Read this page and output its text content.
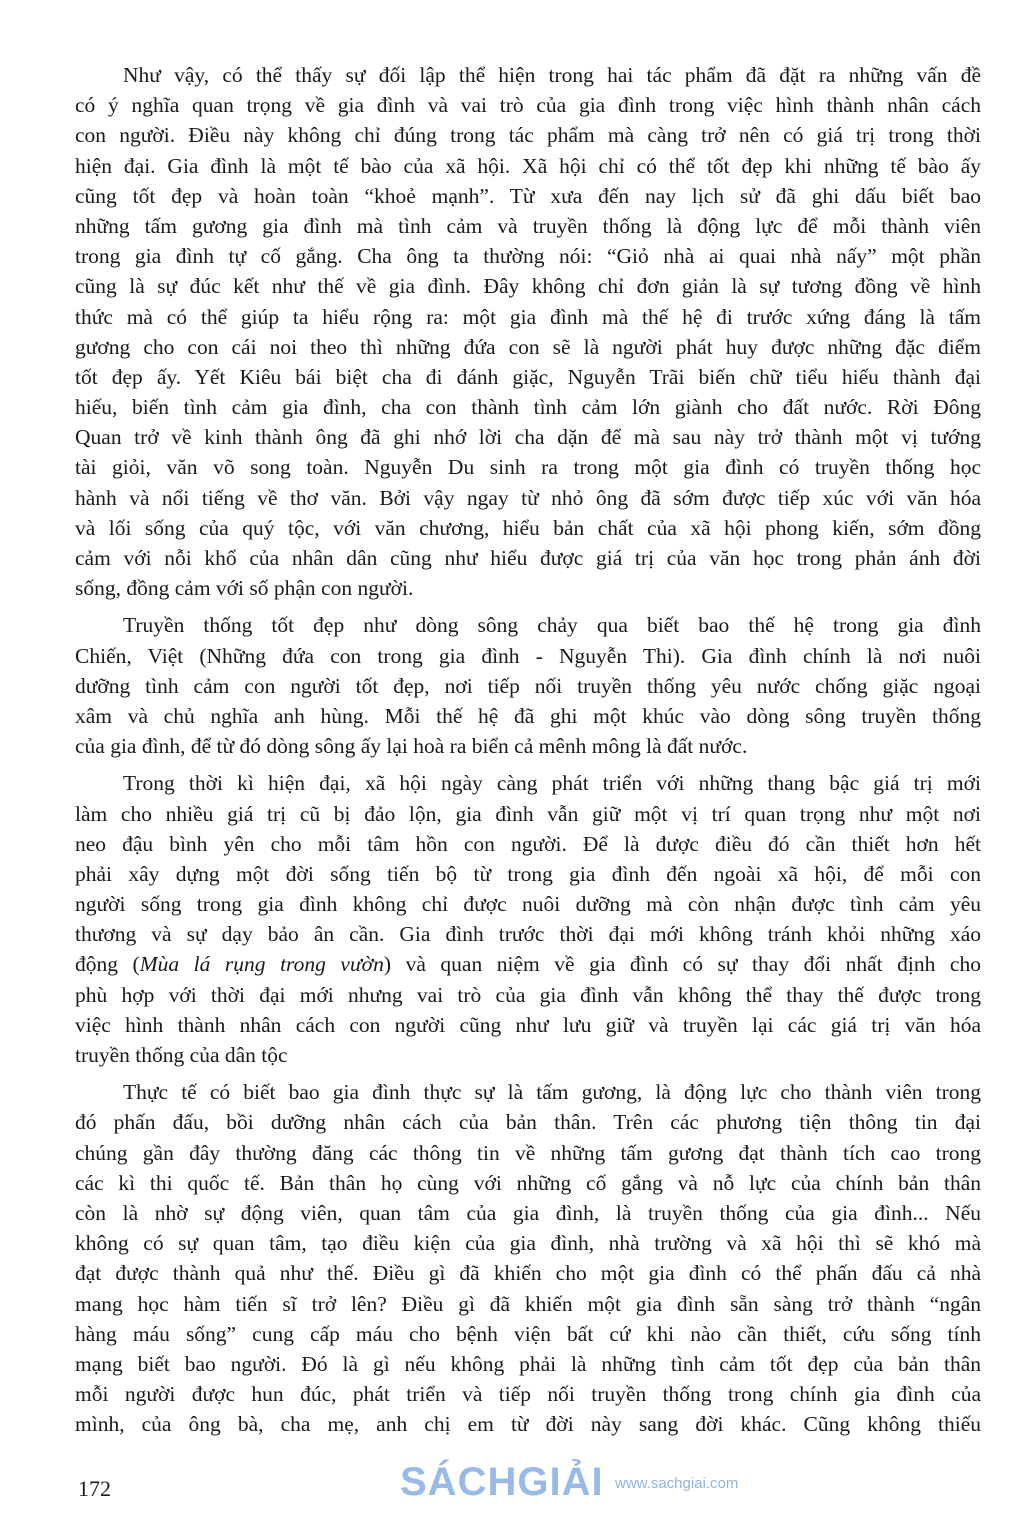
Như vậy, có thể thấy sự đối lập thể hiện trong hai tác phẩm đã đặt ra những vấn đề
có ý nghĩa quan trọng về gia đình và vai trò của gia đình trong việc hình thành nhân cách
con người. Điều này không chỉ đúng trong tác phẩm mà càng trở nên có giá trị trong thời
hiện đại. Gia đình là một tế bào của xã hội. Xã hội chỉ có thể tốt đẹp khi những tế bào ấy
cũng tốt đẹp và hoàn toàn “khoẻ mạnh”. Từ xưa đến nay lịch sử đã ghi dấu biết bao
những tấm gương gia đình mà tình cảm và truyền thống là động lực để mỗi thành viên
trong gia đình tự cố gắng. Cha ông ta thường nói: “Giỏ nhà ai quai nhà nấy” một phần
cũng là sự đúc kết như thế về gia đình. Đây không chỉ đơn giản là sự tương đồng về hình
thức mà có thể giúp ta hiểu rộng ra: một gia đình mà thế hệ đi trước xứng đáng là tấm
gương cho con cái noi theo thì những đứa con sẽ là người phát huy được những đặc điểm
tốt đẹp ấy. Yết Kiêu bái biệt cha đi đánh giặc, Nguyễn Trãi biến chữ tiểu hiếu thành đại
hiếu, biến tình cảm gia đình, cha con thành tình cảm lớn giành cho đất nước. Rời Đông
Quan trở về kinh thành ông đã ghi nhớ lời cha dặn để mà sau này trở thành một vị tướng
tài giỏi, văn võ song toàn. Nguyễn Du sinh ra trong một gia đình có truyền thống học
hành và nổi tiếng về thơ văn. Bởi vậy ngay từ nhỏ ông đã sớm được tiếp xúc với văn hóa
và lối sống của quý tộc, với văn chương, hiểu bản chất của xã hội phong kiến, sớm đồng
cảm với nỗi khổ của nhân dân cũng như hiểu được giá trị của văn học trong phản ánh đời
sống, đồng cảm với số phận con người.
Truyền thống tốt đẹp như dòng sông chảy qua biết bao thế hệ trong gia đình
Chiến, Việt (Những đứa con trong gia đình - Nguyễn Thi). Gia đình chính là nơi nuôi
dưỡng tình cảm con người tốt đẹp, nơi tiếp nối truyền thống yêu nước chống giặc ngoại
xâm và chủ nghĩa anh hùng. Mỗi thế hệ đã ghi một khúc vào dòng sông truyền thống
của gia đình, để từ đó dòng sông ấy lại hoà ra biển cả mênh mông là đất nước.
Trong thời kì hiện đại, xã hội ngày càng phát triển với những thang bậc giá trị mới
làm cho nhiều giá trị cũ bị đảo lộn, gia đình vẫn giữ một vị trí quan trọng như một nơi
neo đậu bình yên cho mỗi tâm hồn con người. Để là được điều đó cần thiết hơn hết
phải xây dựng một đời sống tiến bộ từ trong gia đình đến ngoài xã hội, để mỗi con
người sống trong gia đình không chỉ được nuôi dưỡng mà còn nhận được tình cảm yêu
thương và sự dạy bảo ân cần. Gia đình trước thời đại mới không tránh khỏi những xáo
động (Mùa lá rụng trong vườn) và quan niệm về gia đình có sự thay đổi nhất định cho
phù hợp với thời đại mới nhưng vai trò của gia đình vẫn không thể thay thế được trong
việc hình thành nhân cách con người cũng như lưu giữ và truyền lại các giá trị văn hóa
truyền thống của dân tộc
Thực tế có biết bao gia đình thực sự là tấm gương, là động lực cho thành viên trong
đó phấn đấu, bồi dưỡng nhân cách của bản thân. Trên các phương tiện thông tin đại
chúng gần đây thường đăng các thông tin về những tấm gương đạt thành tích cao trong
các kì thi quốc tế. Bản thân họ cùng với những cố gắng và nỗ lực của chính bản thân
còn là nhờ sự động viên, quan tâm của gia đình, là truyền thống của gia đình... Nếu
không có sự quan tâm, tạo điều kiện của gia đình, nhà trường và xã hội thì sẽ khó mà
đạt được thành quả như thế. Điều gì đã khiến cho một gia đình có thể phấn đấu cả nhà
mang học hàm tiến sĩ trở lên? Điều gì đã khiến một gia đình sẵn sàng trở thành “ngân
hàng máu sống” cung cấp máu cho bệnh viện bất cứ khi nào cần thiết, cứu sống tính
mạng biết bao người. Đó là gì nếu không phải là những tình cảm tốt đẹp của bản thân
mỗi người được hun đúc, phát triển và tiếp nối truyền thống trong chính gia đình của
mình, của ông bà, cha mẹ, anh chị em từ đời này sang đời khác. Cũng không thiếu
SÁCHGIẢI www.sachgiai.com
172
